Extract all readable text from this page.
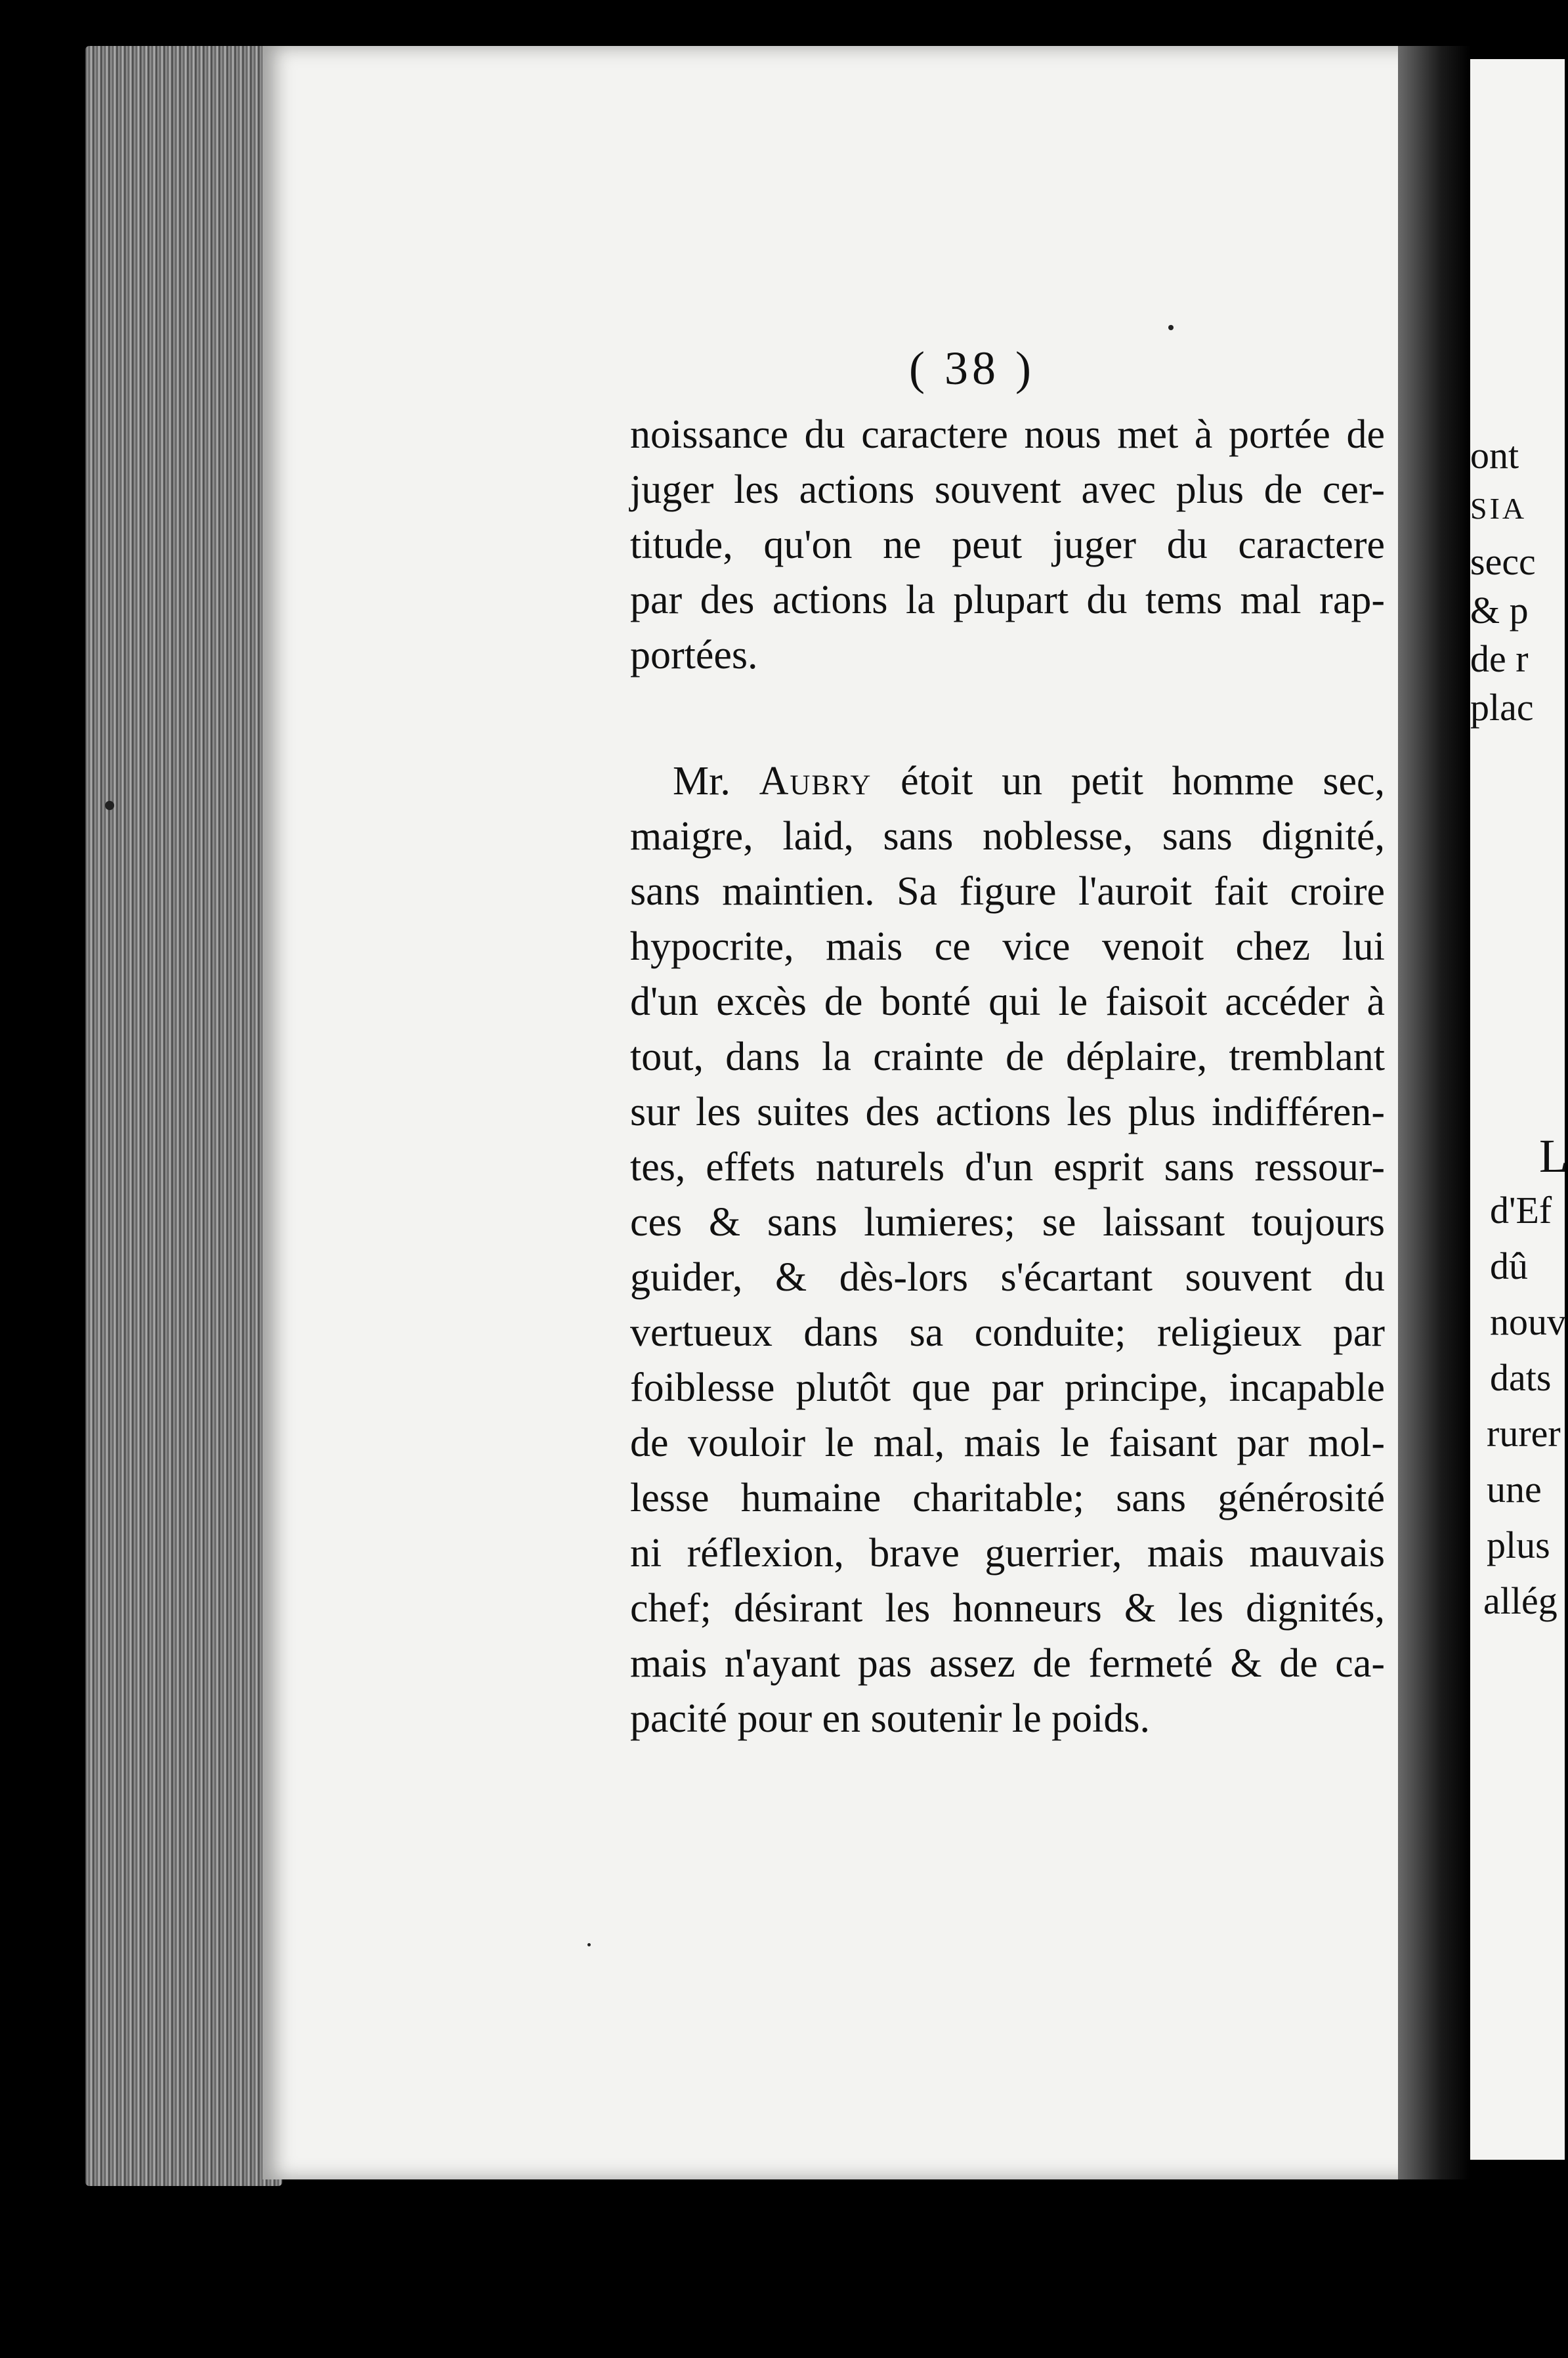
ont
SIA
secc
& p
de r
plac
L
d'Ef
dû
nouv
dats
rurer
une
plus
allég
( 38 )
noissance du caractere nous met à portée de
juger les actions souvent avec plus de cer-
titude, qu'on ne peut juger du caractere
par des actions la plupart du tems mal rap-
portées.
Mr. Aubry étoit un petit homme sec,
maigre, laid, sans noblesse, sans dignité,
sans maintien. Sa figure l'auroit fait croire
hypocrite, mais ce vice venoit chez lui
d'un excès de bonté qui le faisoit accéder à
tout, dans la crainte de déplaire, tremblant
sur les suites des actions les plus indifféren-
tes, effets naturels d'un esprit sans ressour-
ces & sans lumieres; se laissant toujours
guider, & dès-lors s'écartant souvent du
vertueux dans sa conduite; religieux par
foiblesse plutôt que par principe, incapable
de vouloir le mal, mais le faisant par mol-
lesse humaine charitable; sans générosité
ni réflexion, brave guerrier, mais mauvais
chef; désirant les honneurs & les dignités,
mais n'ayant pas assez de fermeté & de ca-
pacité pour en soutenir le poids.
